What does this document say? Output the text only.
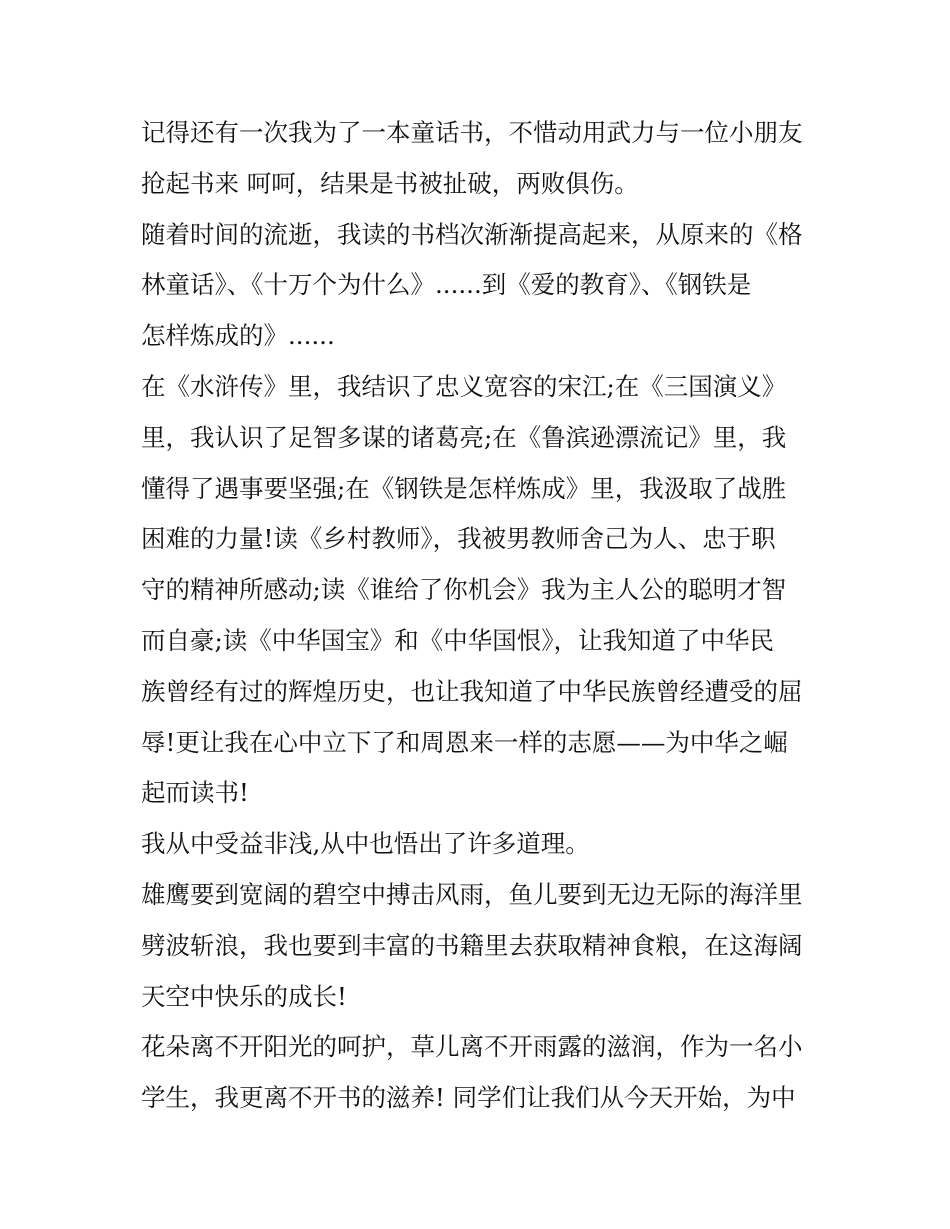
记得还有一次我为了一本童话书，不惜动用武力与一位小朋友
抢起书来 呵呵，结果是书被扯破，两败俱伤。
随着时间的流逝，我读的书档次渐渐提高起来，从原来的《格
林童话》、《十万个为什么》......到《爱的教育》、《钢铁是
怎样炼成的》......
在《水浒传》里，我结识了忠义宽容的宋江;在《三国演义》
里，我认识了足智多谋的诸葛亮;在《鲁滨逊漂流记》里，我
懂得了遇事要坚强;在《钢铁是怎样炼成》里，我汲取了战胜
困难的力量!读《乡村教师》，我被男教师舍己为人、忠于职
守的精神所感动;读《谁给了你机会》我为主人公的聪明才智
而自豪;读《中华国宝》和《中华国恨》，让我知道了中华民
族曾经有过的辉煌历史，也让我知道了中华民族曾经遭受的屈
辱!更让我在心中立下了和周恩来一样的志愿——为中华之崛
起而读书!
我从中受益非浅,从中也悟出了许多道理。
雄鹰要到宽阔的碧空中搏击风雨，鱼儿要到无边无际的海洋里
劈波斩浪，我也要到丰富的书籍里去获取精神食粮，在这海阔
天空中快乐的成长!
花朵离不开阳光的呵护，草儿离不开雨露的滋润，作为一名小
学生，我更离不开书的滋养! 同学们让我们从今天开始，为中
